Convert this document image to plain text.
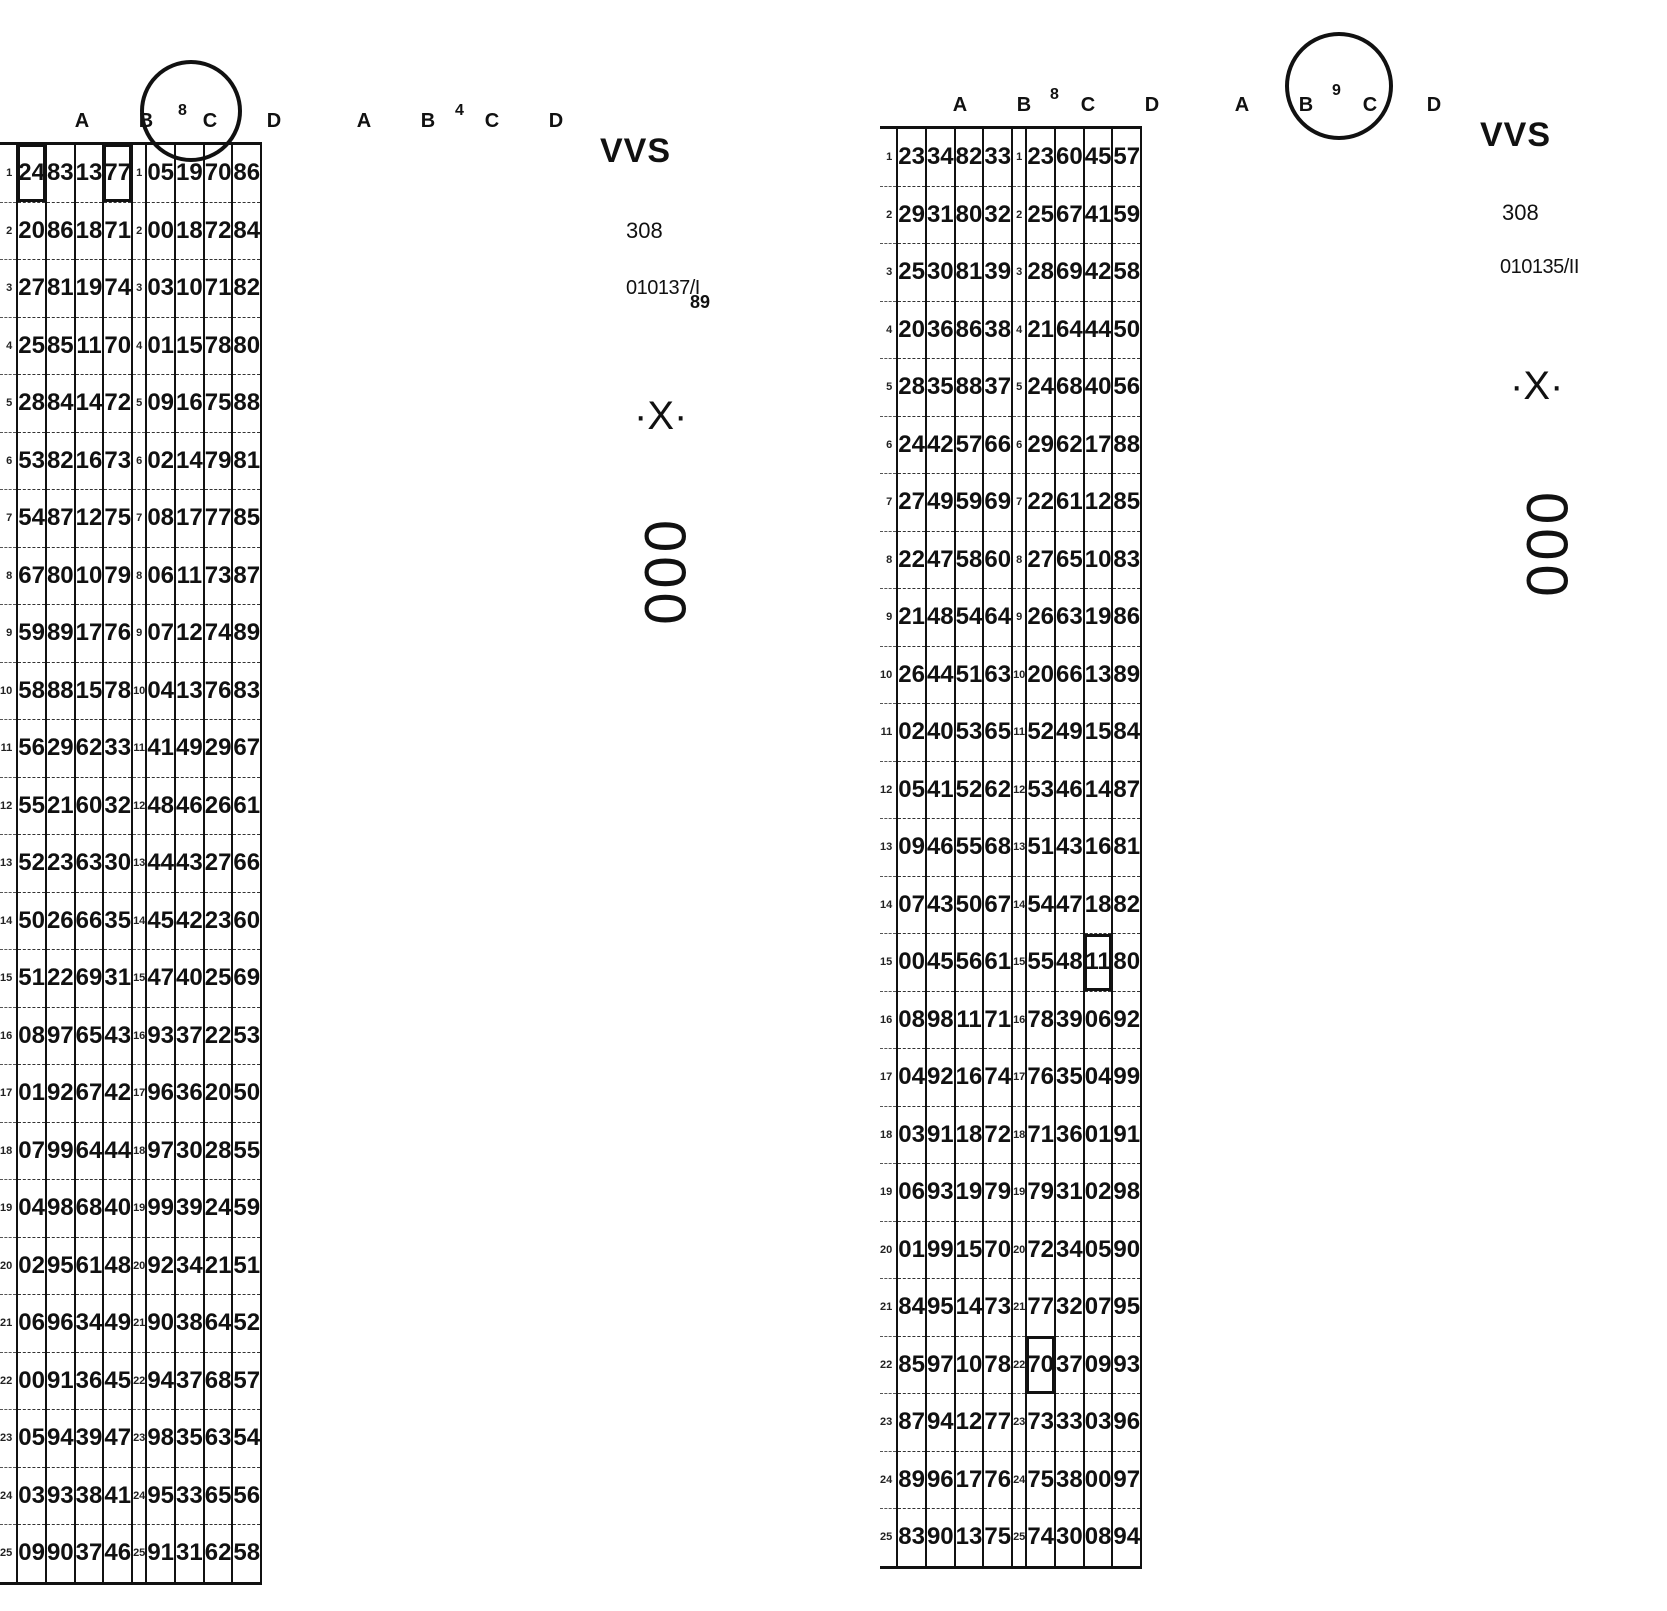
A	B	C	D	A	B	C	D
8	4
1	24	83	13	77	1	05	19	70	86
2	20	86	18	71	2	00	18	72	84
3	27	81	19	74	3	03	10	71	82
4	25	85	11	70	4	01	15	78	80
5	28	84	14	72	5	09	16	75	88
6	53	82	16	73	6	02	14	79	81
7	54	87	12	75	7	08	17	77	85
8	67	80	10	79	8	06	11	73	87
9	59	89	17	76	9	07	12	74	89
10	58	88	15	78	10	04	13	76	83
11	56	29	62	33	11	41	49	29	67
12	55	21	60	32	12	48	46	26	61
13	52	23	63	30	13	44	43	27	66
14	50	26	66	35	14	45	42	23	60
15	51	22	69	31	15	47	40	25	69
16	08	97	65	43	16	93	37	22	53
17	01	92	67	42	17	96	36	20	50
18	07	99	64	44	18	97	30	28	55
19	04	98	68	40	19	99	39	24	59
20	02	95	61	48	20	92	34	21	51
21	06	96	34	49	21	90	38	64	52
22	00	91	36	45	22	94	37	68	57
23	05	94	39	47	23	98	35	63	54
24	03	93	38	41	24	95	33	65	56
25	09	90	37	46	25	91	31	62	58
VVS
308
010137/I
89
·X·
000
A	B	C	D	A	B	C	D
8	9
1	23	34	82	33	1	23	60	45	57
2	29	31	80	32	2	25	67	41	59
3	25	30	81	39	3	28	69	42	58
4	20	36	86	38	4	21	64	44	50
5	28	35	88	37	5	24	68	40	56
6	24	42	57	66	6	29	62	17	88
7	27	49	59	69	7	22	61	12	85
8	22	47	58	60	8	27	65	10	83
9	21	48	54	64	9	26	63	19	86
10	26	44	51	63	10	20	66	13	89
11	02	40	53	65	11	52	49	15	84
12	05	41	52	62	12	53	46	14	87
13	09	46	55	68	13	51	43	16	81
14	07	43	50	67	14	54	47	18	82
15	00	45	56	61	15	55	48	11	80
16	08	98	11	71	16	78	39	06	92
17	04	92	16	74	17	76	35	04	99
18	03	91	18	72	18	71	36	01	91
19	06	93	19	79	19	79	31	02	98
20	01	99	15	70	20	72	34	05	90
21	84	95	14	73	21	77	32	07	95
22	85	97	10	78	22	70	37	09	93
23	87	94	12	77	23	73	33	03	96
24	89	96	17	76	24	75	38	00	97
25	83	90	13	75	25	74	30	08	94
VVS
308
010135/II
·X·
000
